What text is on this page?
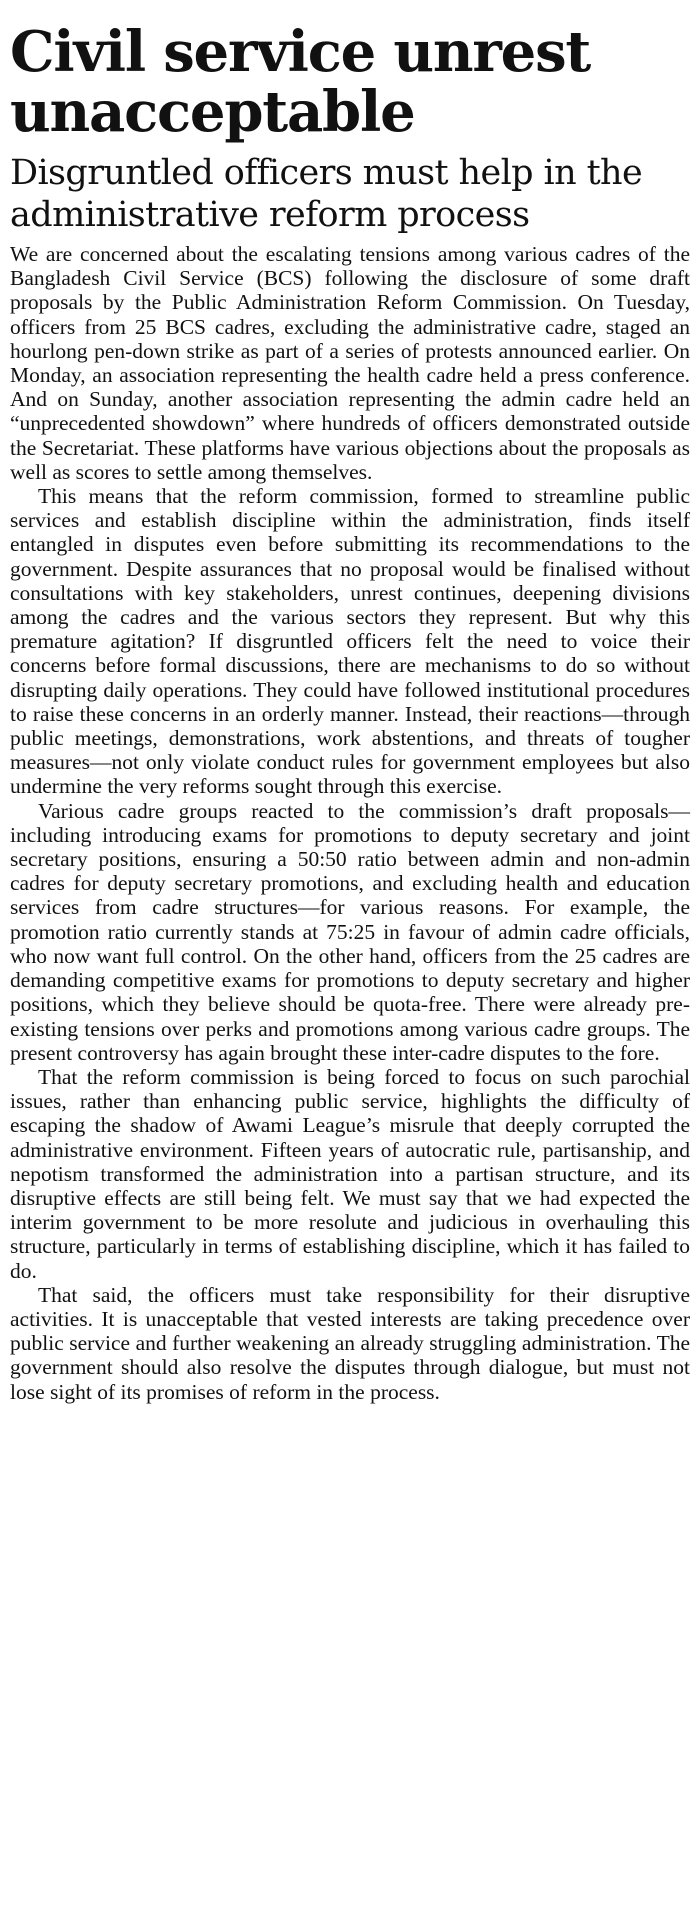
Civil service unrest unacceptable
Disgruntled officers must help in the administrative reform process

We are concerned about the escalating tensions among various cadres of the Bangladesh Civil Service (BCS) following the disclosure of some draft proposals by the Public Administration Reform Commission. On Tuesday, officers from 25 BCS cadres, excluding the administrative cadre, staged an hourlong pen-down strike as part of a series of protests announced earlier. On Monday, an association representing the health cadre held a press conference. And on Sunday, another association representing the admin cadre held an “unprecedented showdown” where hundreds of officers demonstrated outside the Secretariat. These platforms have various objections about the proposals as well as scores to settle among themselves.

This means that the reform commission, formed to streamline public services and establish discipline within the administration, finds itself entangled in disputes even before submitting its recommendations to the government. Despite assurances that no proposal would be finalised without consultations with key stakeholders, unrest continues, deepening divisions among the cadres and the various sectors they represent. But why this premature agitation? If disgruntled officers felt the need to voice their concerns before formal discussions, there are mechanisms to do so without disrupting daily operations. They could have followed institutional procedures to raise these concerns in an orderly manner. Instead, their reactions—through public meetings, demonstrations, work abstentions, and threats of tougher measures—not only violate conduct rules for government employees but also undermine the very reforms sought through this exercise.

Various cadre groups reacted to the commission’s draft proposals—including introducing exams for promotions to deputy secretary and joint secretary positions, ensuring a 50:50 ratio between admin and non-admin cadres for deputy secretary promotions, and excluding health and education services from cadre structures—for various reasons. For example, the promotion ratio currently stands at 75:25 in favour of admin cadre officials, who now want full control. On the other hand, officers from the 25 cadres are demanding competitive exams for promotions to deputy secretary and higher positions, which they believe should be quota-free. There were already pre-existing tensions over perks and promotions among various cadre groups. The present controversy has again brought these inter-cadre disputes to the fore.

That the reform commission is being forced to focus on such parochial issues, rather than enhancing public service, highlights the difficulty of escaping the shadow of Awami League’s misrule that deeply corrupted the administrative environment. Fifteen years of autocratic rule, partisanship, and nepotism transformed the administration into a partisan structure, and its disruptive effects are still being felt. We must say that we had expected the interim government to be more resolute and judicious in overhauling this structure, particularly in terms of establishing discipline, which it has failed to do.

That said, the officers must take responsibility for their disruptive activities. It is unacceptable that vested interests are taking precedence over public service and further weakening an already struggling administration. The government should also resolve the disputes through dialogue, but must not lose sight of its promises of reform in the process.
